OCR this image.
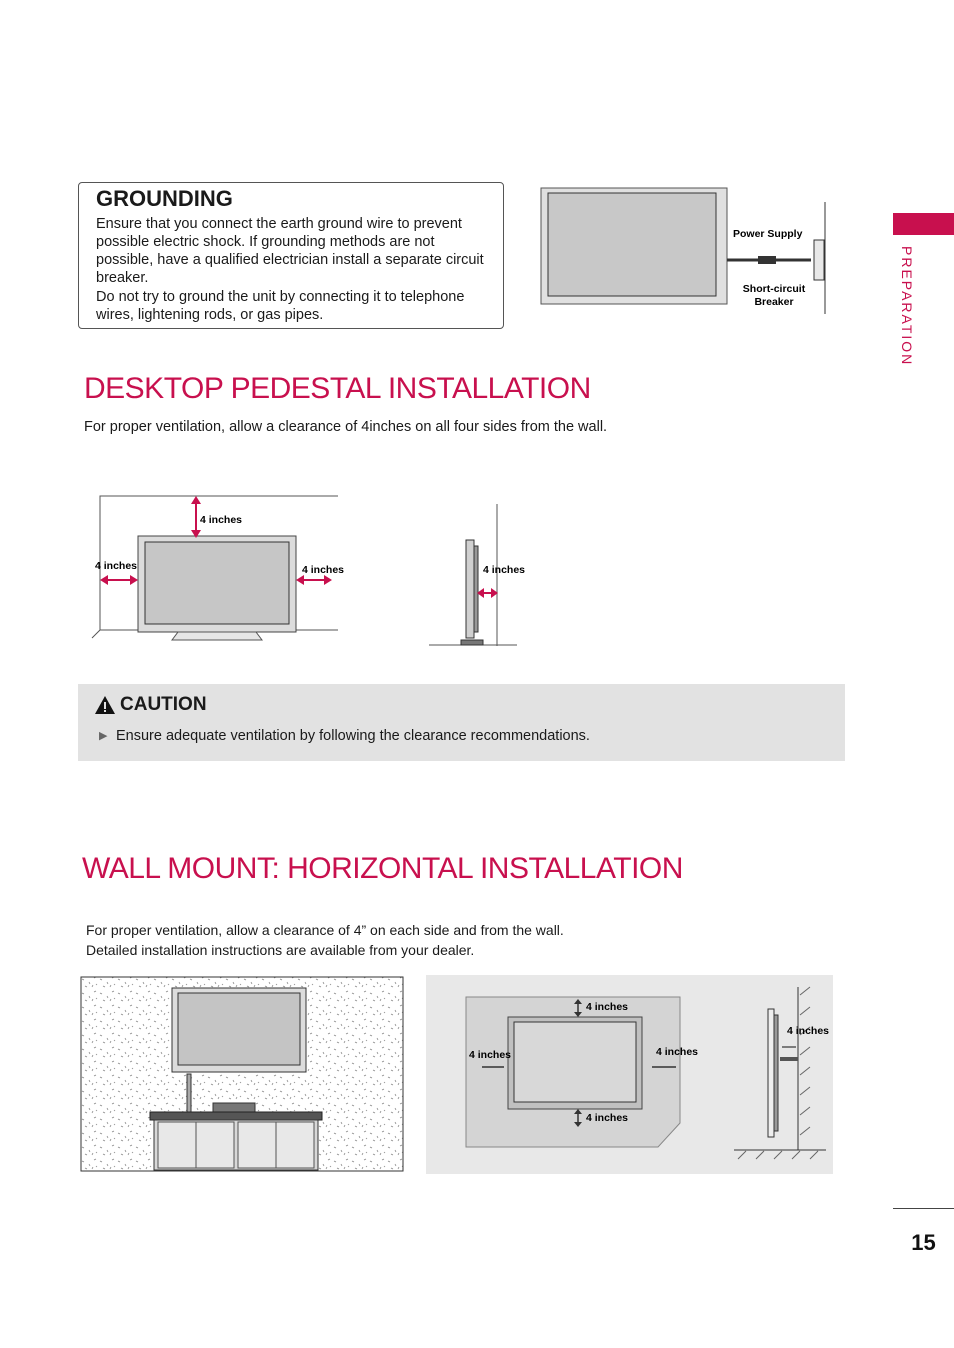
PREPARATION
GROUNDING
Ensure that you connect the earth ground wire to prevent possible electric shock. If grounding methods are not possible, have a qualified electrician install a separate circuit breaker.
Do not try to ground the unit by connecting it to telephone wires, lightening rods, or gas pipes.
Power Supply
Short-circuit
Breaker
DESKTOP PEDESTAL INSTALLATION
For proper ventilation, allow a clearance of 4inches on all four sides from the wall.
4 inches
4 inches	4 inches	4 inches
CAUTION
▶ Ensure adequate ventilation by following the clearance recommendations.
WALL MOUNT: HORIZONTAL INSTALLATION
For proper ventilation, allow a clearance of 4” on each side and from the wall.
Detailed installation instructions are available from your dealer.
4 inches
4 inches
4 inches	4 inches
4 inches
15
